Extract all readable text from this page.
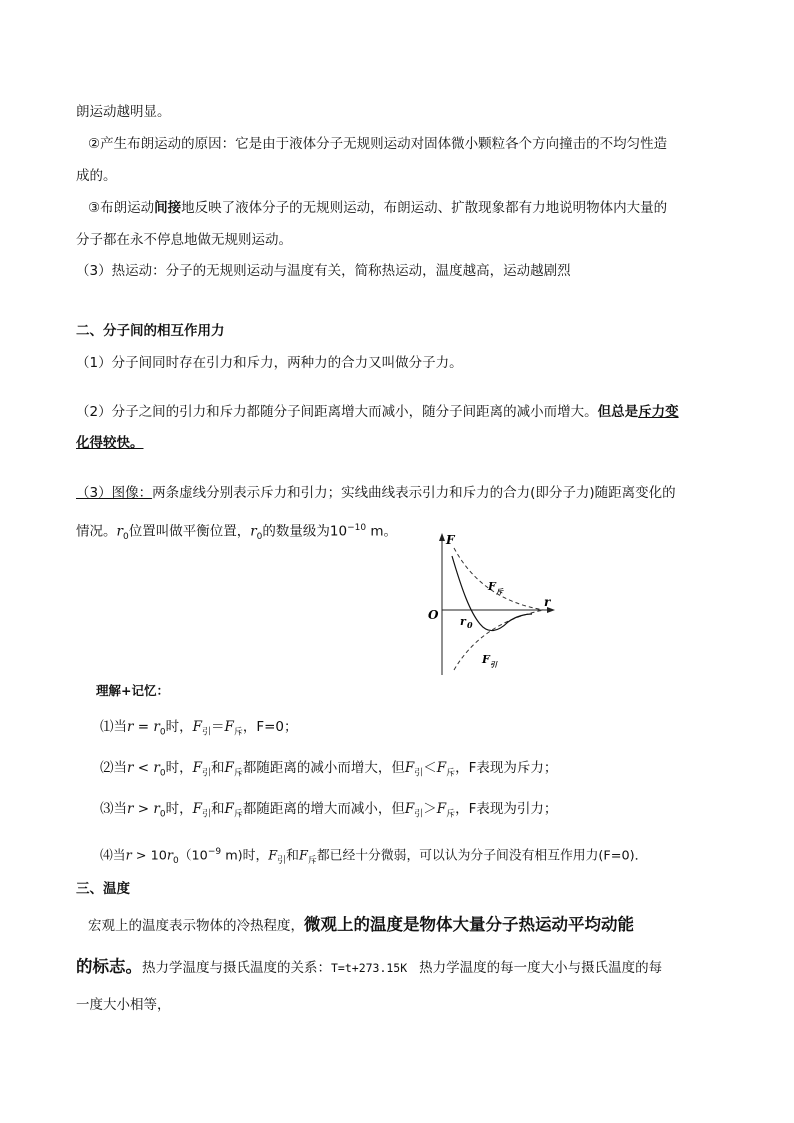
朗运动越明显。
②产生布朗运动的原因：它是由于液体分子无规则运动对固体微小颗粒各个方向撞击的不均匀性造
成的。
③布朗运动间接地反映了液体分子的无规则运动，布朗运动、扩散现象都有力地说明物体内大量的
分子都在永不停息地做无规则运动。
（3）热运动：分子的无规则运动与温度有关，简称热运动，温度越高，运动越剧烈
二、分子间的相互作用力
（1）分子间同时存在引力和斥力，两种力的合力又叫做分子力。
（2）分子之间的引力和斥力都随分子间距离增大而减小，随分子间距离的减小而增大。但总是斥力变
化得较快。
（3）图像：两条虚线分别表示斥力和引力；实线曲线表示引力和斥力的合力(即分子力)随距离变化的
情况。$r_0$位置叫做平衡位置，$r_0$的数量级为$10^{-10}$ m。
F
r
O r 0
F 斥
F 引
理解+记忆：
⑴当$r = r_0$时，$F_引=F_斥$，F=0；
⑵当$r < r_0$时，$F_引$和$F_斥$都随距离的减小而增大，但$F_引<F_斥$，F表现为斥力；
⑶当$r > r_0$时，$F_引$和$F_斥$都随距离的增大而减小，但$F_引>F_斥$，F表现为引力；
⑷当$r > 10r_0(10^{-9}$ m)时，$F_引$和$F_斥$都已经十分微弱，可以认为分子间没有相互作用力(F=0)．
三、温度
宏观上的温度表示物体的冷热程度，微观上的温度是物体大量分子热运动平均动能
的标志。热力学温度与摄氏温度的关系：T=t+273.15K 热力学温度的每一度大小与摄氏温度的每
一度大小相等，
